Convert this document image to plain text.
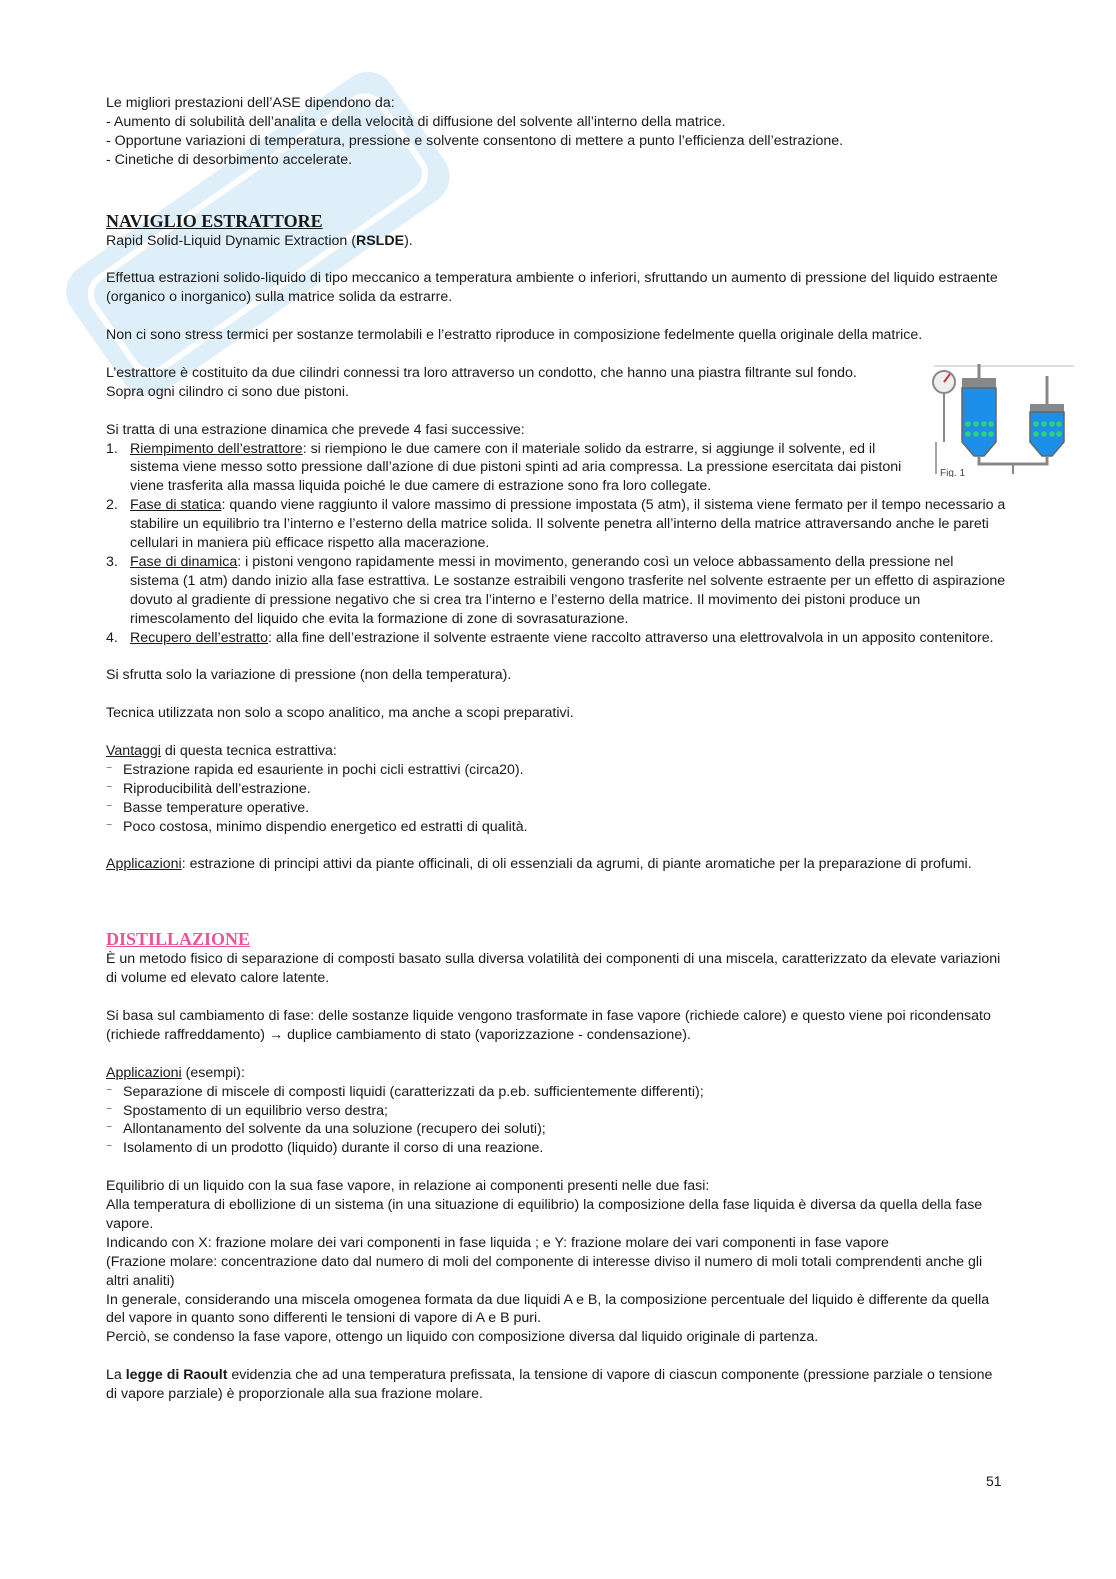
Fig. 1

Le migliori prestazioni dell’ASE dipendono da:

- Aumento di solubilità dell’analita e della velocità di diffusione del solvente all’interno della matrice.

- Opportune variazioni di temperatura, pressione e solvente consentono di mettere a punto l’efficienza dell’estrazione.

- Cinetiche di desorbimento accelerate.

NAVIGLIO ESTRATTORE

Rapid Solid-Liquid Dynamic Extraction (RSLDE).

Effettua estrazioni solido-liquido di tipo meccanico a temperatura ambiente o inferiori, sfruttando un aumento di pressione del liquido estraente (organico o inorganico) sulla matrice solida da estrarre.

Non ci sono stress termici per sostanze termolabili e l’estratto riproduce in composizione fedelmente quella originale della matrice.

L’estrattore è costituito da due cilindri connessi tra loro attraverso un condotto, che hanno una piastra filtrante sul fondo.

Sopra ogni cilindro ci sono due pistoni.

Si tratta di una estrazione dinamica che prevede 4 fasi successive:

1. Riempimento dell’estrattore: si riempiono le due camere con il materiale solido da estrarre, si aggiunge il solvente, ed il sistema viene messo sotto pressione dall’azione di due pistoni spinti ad aria compressa. La pressione esercitata dai pistoni viene trasferita alla massa liquida poiché le due camere di estrazione sono fra loro collegate.
2. Fase di statica: quando viene raggiunto il valore massimo di pressione impostata (5 atm), il sistema viene fermato per il tempo necessario a stabilire un equilibrio tra l’interno e l’esterno della matrice solida. Il solvente penetra all’interno della matrice attraversando anche le pareti cellulari in maniera più efficace rispetto alla macerazione.
3. Fase di dinamica: i pistoni vengono rapidamente messi in movimento, generando così un veloce abbassamento della pressione nel sistema (1 atm) dando inizio alla fase estrattiva. Le sostanze estraibili vengono trasferite nel solvente estraente per un effetto di aspirazione dovuto al gradiente di pressione negativo che si crea tra l’interno e l’esterno della matrice. Il movimento dei pistoni produce un rimescolamento del liquido che evita la formazione di zone di sovrasaturazione.
4. Recupero dell’estratto: alla fine dell’estrazione il solvente estraente viene raccolto attraverso una elettrovalvola in un apposito contenitore.

Si sfrutta solo la variazione di pressione (non della temperatura).

Tecnica utilizzata non solo a scopo analitico, ma anche a scopi preparativi.

Vantaggi di questa tecnica estrattiva:

⁻ Estrazione rapida ed esauriente in pochi cicli estrattivi (circa20).
⁻ Riproducibilità dell’estrazione.
⁻ Basse temperature operative.
⁻ Poco costosa, minimo dispendio energetico ed estratti di qualità.

Applicazioni: estrazione di principi attivi da piante officinali, di oli essenziali da agrumi, di piante aromatiche per la preparazione di profumi.

DISTILLAZIONE

È un metodo fisico di separazione di composti basato sulla diversa volatilità dei componenti di una miscela, caratterizzato da elevate variazioni di volume ed elevato calore latente.

Si basa sul cambiamento di fase: delle sostanze liquide vengono trasformate in fase vapore (richiede calore) e questo viene poi ricondensato (richiede raffreddamento) → duplice cambiamento di stato (vaporizzazione - condensazione).

Applicazioni (esempi):

⁻ Separazione di miscele di composti liquidi (caratterizzati da p.eb. sufficientemente differenti);
⁻ Spostamento di un equilibrio verso destra;
⁻ Allontanamento del solvente da una soluzione (recupero dei soluti);
⁻ Isolamento di un prodotto (liquido) durante il corso di una reazione.

Equilibrio di un liquido con la sua fase vapore, in relazione ai componenti presenti nelle due fasi:

Alla temperatura di ebollizione di un sistema (in una situazione di equilibrio) la composizione della fase liquida è diversa da quella della fase vapore.

Indicando con X: frazione molare dei vari componenti in fase liquida ; e Y: frazione molare dei vari componenti in fase vapore

(Frazione molare: concentrazione dato dal numero di moli del componente di interesse diviso il numero di moli totali comprendenti anche gli altri analiti)

In generale, considerando una miscela omogenea formata da due liquidi A e B, la composizione percentuale del liquido è differente da quella del vapore in quanto sono differenti le tensioni di vapore di A e B puri.

Perciò, se condenso la fase vapore, ottengo un liquido con composizione diversa dal liquido originale di partenza.

La legge di Raoult evidenzia che ad una temperatura prefissata, la tensione di vapore di ciascun componente (pressione parziale o tensione di vapore parziale) è proporzionale alla sua frazione molare.

51
